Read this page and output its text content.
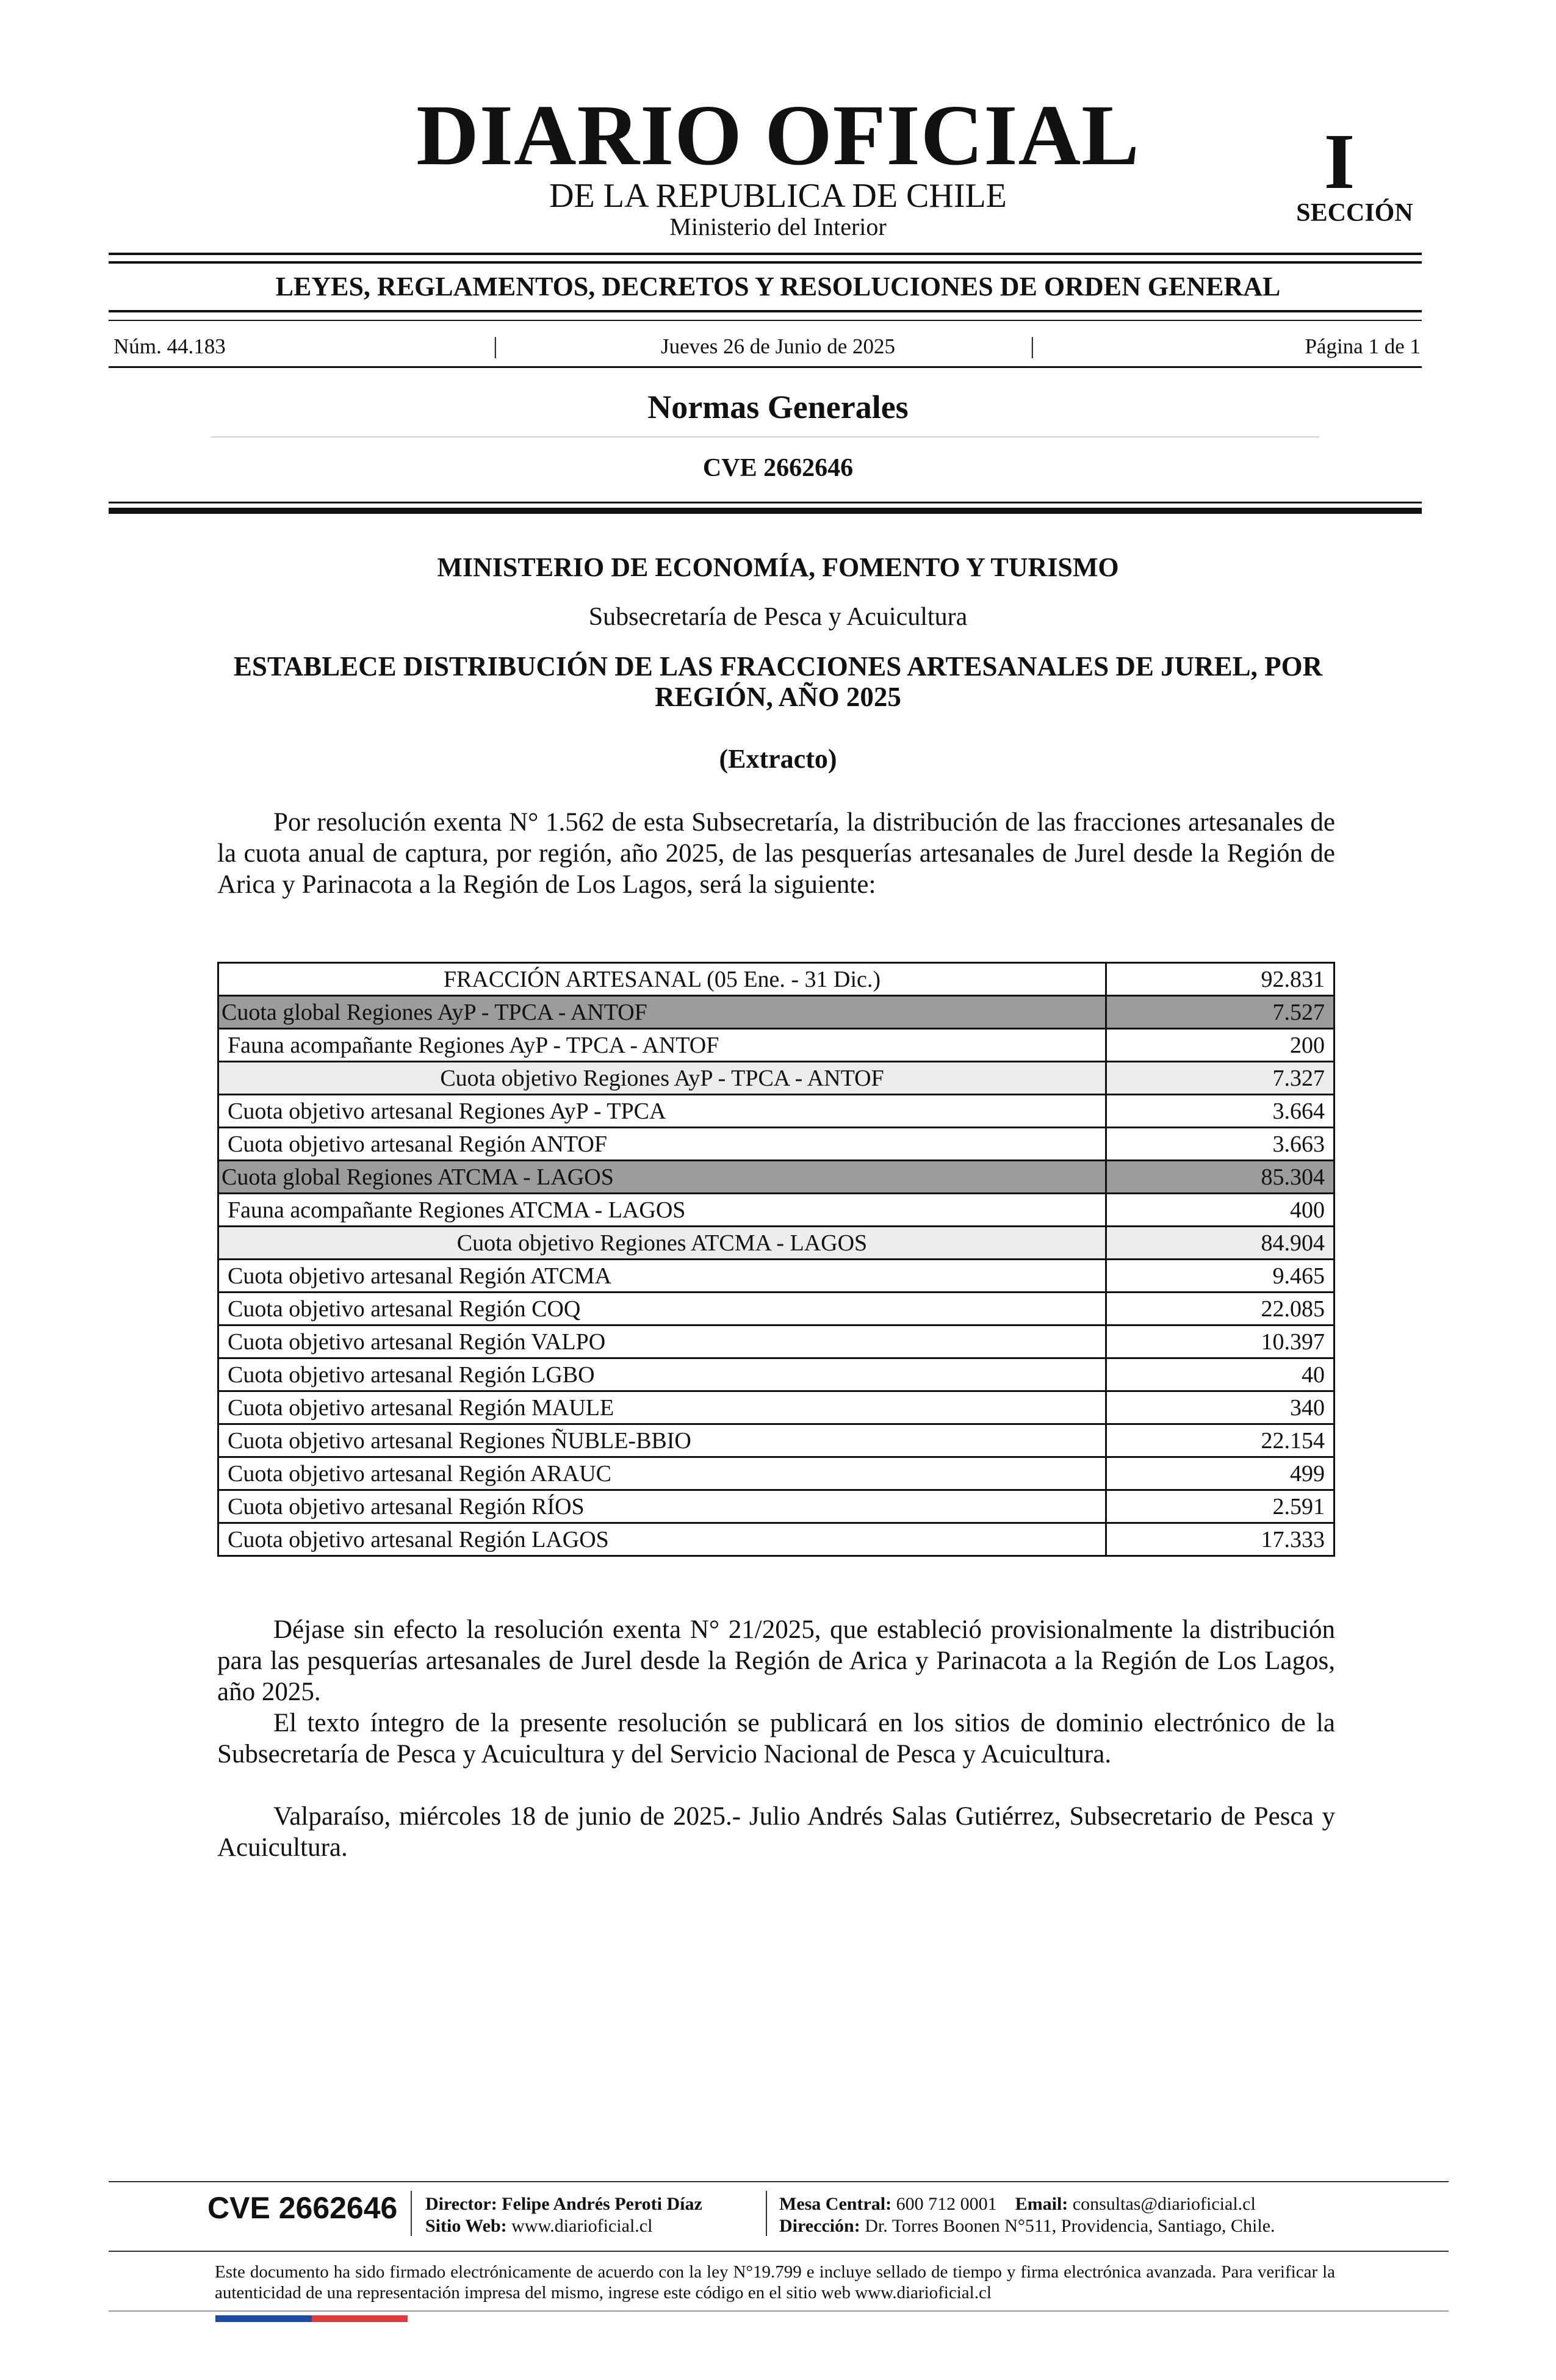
DIARIO OFICIAL
DE LA REPUBLICA DE CHILE
Ministerio del Interior
I
SECCIÓN
LEYES, REGLAMENTOS, DECRETOS Y RESOLUCIONES DE ORDEN GENERAL
Núm. 44.183	|	Jueves 26 de Junio de 2025	|	Página 1 de 1
Normas Generales
CVE 2662646
MINISTERIO DE ECONOMÍA, FOMENTO Y TURISMO
Subsecretaría de Pesca y Acuicultura
ESTABLECE DISTRIBUCIÓN DE LAS FRACCIONES ARTESANALES DE JUREL, POR REGIÓN, AÑO 2025
(Extracto)
Por resolución exenta N° 1.562 de esta Subsecretaría, la distribución de las fracciones artesanales de la cuota anual de captura, por región, año 2025, de las pesquerías artesanales de Jurel desde la Región de Arica y Parinacota a la Región de Los Lagos, será la siguiente:
FRACCIÓN ARTESANAL (05 Ene. - 31 Dic.)	92.831
Cuota global Regiones AyP - TPCA - ANTOF	7.527
Fauna acompañante Regiones AyP - TPCA - ANTOF	200
Cuota objetivo Regiones AyP - TPCA - ANTOF	7.327
Cuota objetivo artesanal Regiones AyP - TPCA	3.664
Cuota objetivo artesanal Región ANTOF	3.663
Cuota global Regiones ATCMA - LAGOS	85.304
Fauna acompañante Regiones ATCMA - LAGOS	400
Cuota objetivo Regiones ATCMA - LAGOS	84.904
Cuota objetivo artesanal Región ATCMA	9.465
Cuota objetivo artesanal Región COQ	22.085
Cuota objetivo artesanal Región VALPO	10.397
Cuota objetivo artesanal Región LGBO	40
Cuota objetivo artesanal Región MAULE	340
Cuota objetivo artesanal Regiones ÑUBLE-BBIO	22.154
Cuota objetivo artesanal Región ARAUC	499
Cuota objetivo artesanal Región RÍOS	2.591
Cuota objetivo artesanal Región LAGOS	17.333
Déjase sin efecto la resolución exenta N° 21/2025, que estableció provisionalmente la distribución para las pesquerías artesanales de Jurel desde la Región de Arica y Parinacota a la Región de Los Lagos, año 2025.
El texto íntegro de la presente resolución se publicará en los sitios de dominio electrónico de la Subsecretaría de Pesca y Acuicultura y del Servicio Nacional de Pesca y Acuicultura.
Valparaíso, miércoles 18 de junio de 2025.- Julio Andrés Salas Gutiérrez, Subsecretario de Pesca y Acuicultura.
CVE 2662646 Director: Felipe Andrés Peroti Díaz
Sitio Web: www.diarioficial.cl
Mesa Central: 600 712 0001 Email: consultas@diarioficial.cl
Dirección: Dr. Torres Boonen N°511, Providencia, Santiago, Chile.
Este documento ha sido firmado electrónicamente de acuerdo con la ley N°19.799 e incluye sellado de tiempo y firma electrónica avanzada. Para verificar la autenticidad de una representación impresa del mismo, ingrese este código en el sitio web www.diarioficial.cl
